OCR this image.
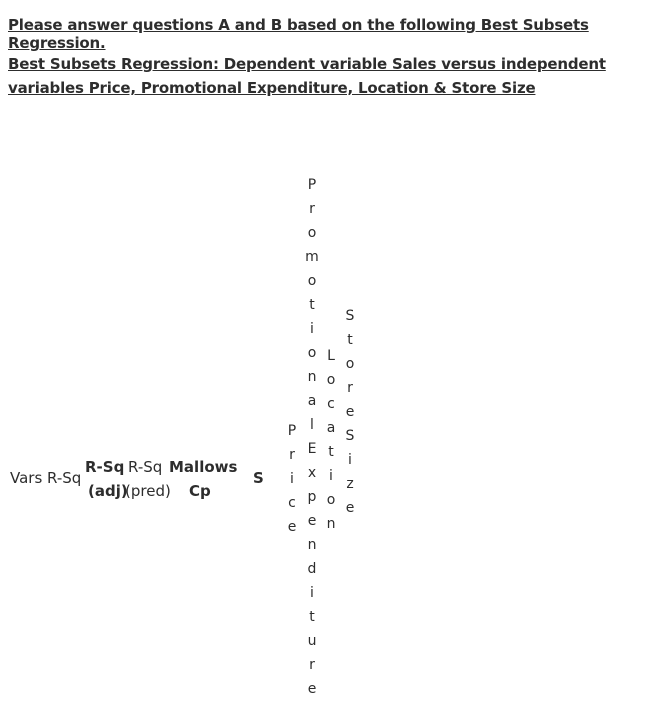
Please answer questions A and B based on the following Best Subsets Regression.

Best Subsets Regression: Dependent variable Sales versus independent variables Price, Promotional Expenditure, Location & Store Size

Vars R-Sq
R-Sq
(adj)
R-Sq
(pred)
Mallows
Cp
S
P
r
i
c
e
P
r
o
m
o
t
i
o
n
a
l
E
x
p
e
n
d
i
t
u
r
e
L
o
c
a
t
i
o
n
S
t
o
r
e
S
i
z
e
